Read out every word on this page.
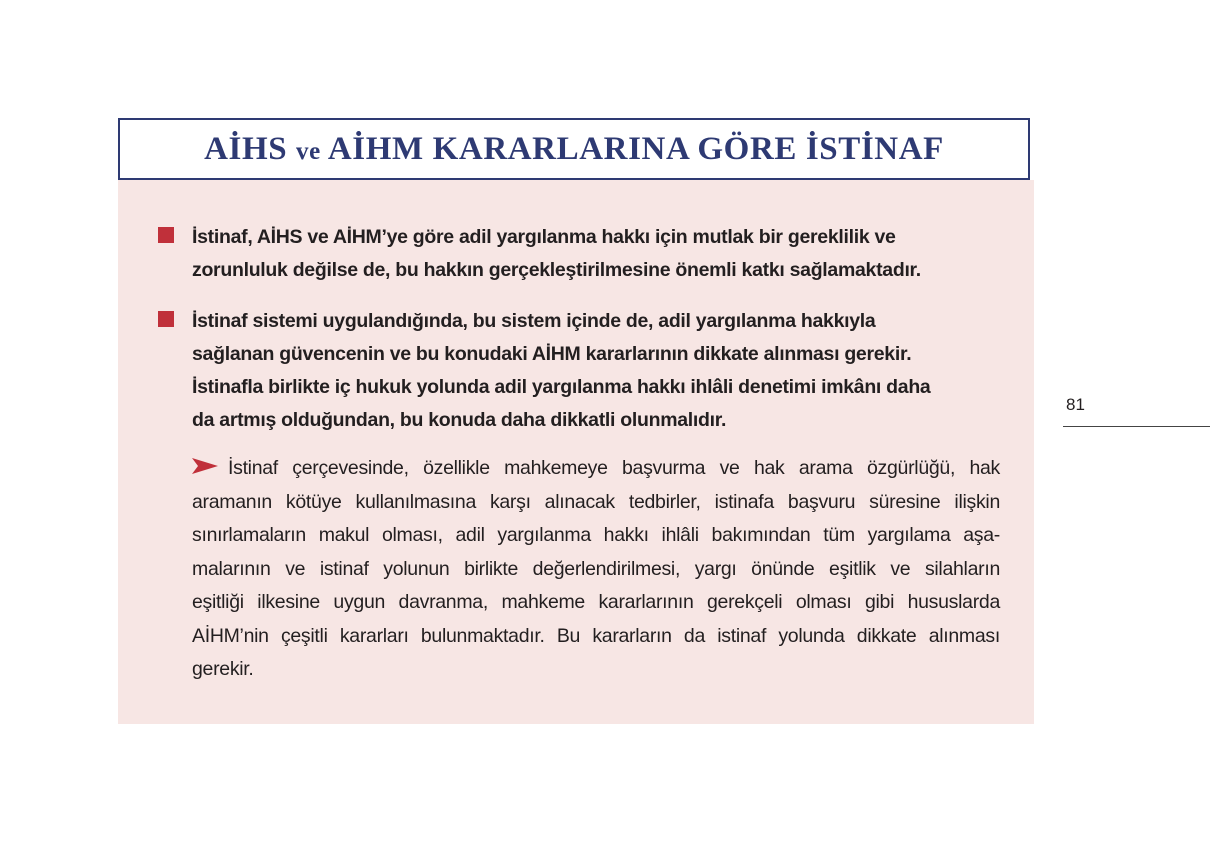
AİHS ve AİHM KARARLARINA GÖRE İSTİNAF
İstinaf, AİHS ve AİHM’ye göre adil yargılanma hakkı için mutlak bir gereklilik ve
zorunluluk değilse de, bu hakkın gerçekleştirilmesine önemli katkı sağlamaktadır.
İstinaf sistemi uygulandığında, bu sistem içinde de, adil yargılanma hakkıyla
sağlanan güvencenin ve bu konudaki AİHM kararlarının dikkate alınması gerekir.
İstinafla birlikte iç hukuk yolunda adil yargılanma hakkı ihlâli denetimi imkânı daha
da artmış olduğundan, bu konuda daha dikkatli olunmalıdır.
İstinaf çerçevesinde, özellikle mahkemeye başvurma ve hak arama özgürlüğü, hak
aramanın kötüye kullanılmasına karşı alınacak tedbirler, istinafa başvuru süresine ilişkin
sınırlamaların makul olması, adil yargılanma hakkı ihlâli bakımından tüm yargılama aşa-
malarının ve istinaf yolunun birlikte değerlendirilmesi, yargı önünde eşitlik ve silahların
eşitliği ilkesine uygun davranma, mahkeme kararlarının gerekçeli olması gibi hususlarda
AİHM’nin çeşitli kararları bulunmaktadır. Bu kararların da istinaf yolunda dikkate alınması
gerekir.
81
